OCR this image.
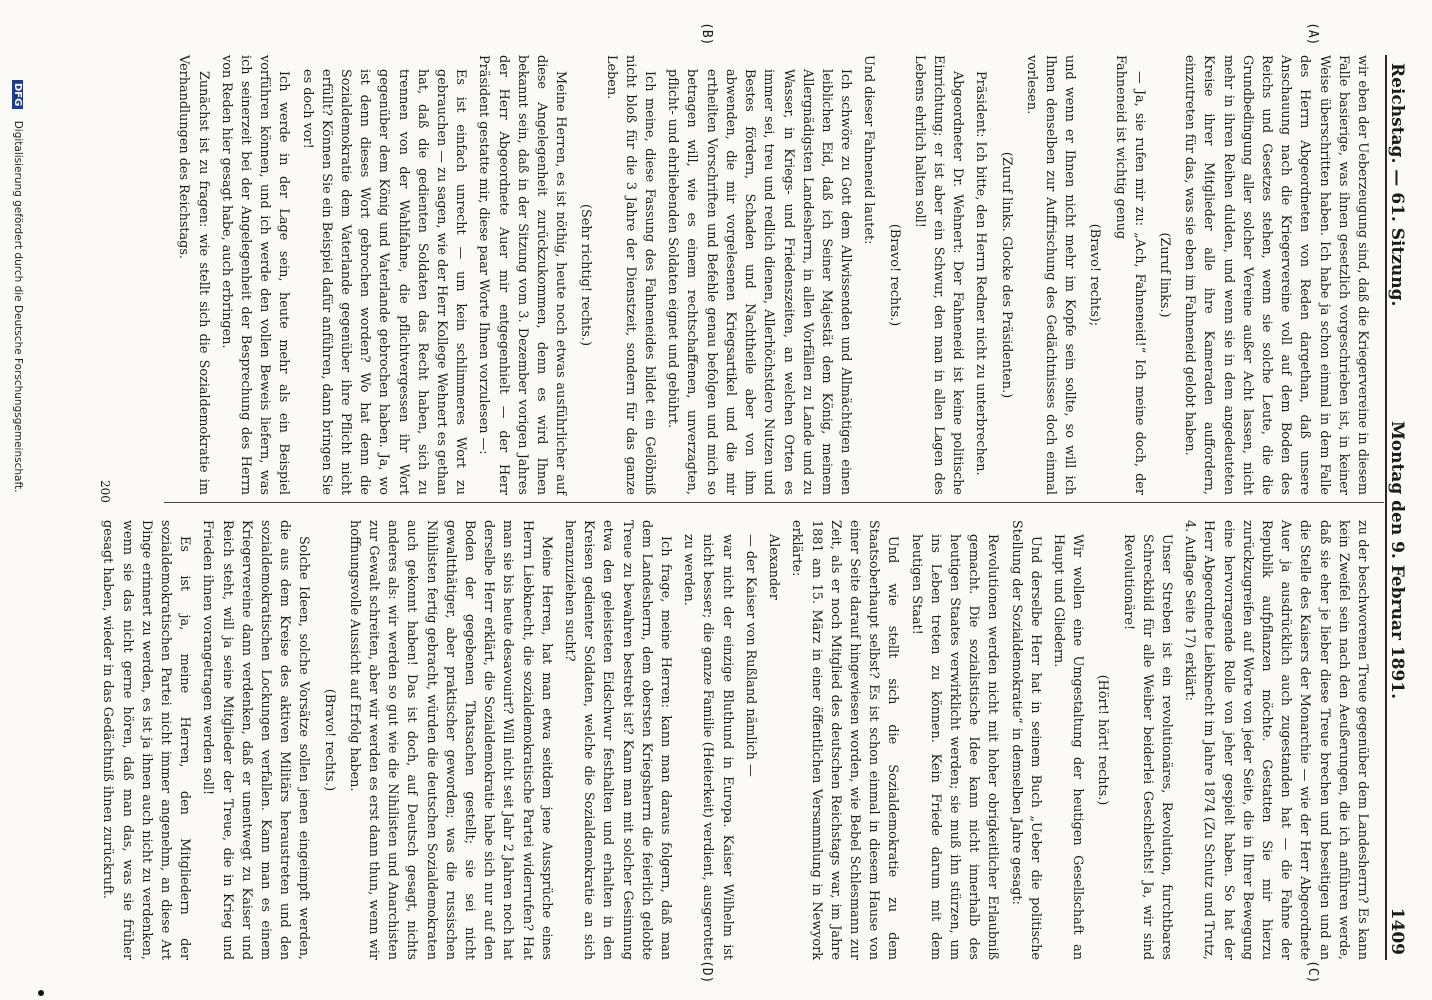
Reichstag. — 61. Sitzung.
Montag den 9. Februar 1891.
1409
(A)
(B)
(C)
(D)

wir eben der Ueberzeugung sind, daß die Kriegervereine in diesem Falle basierige, was ihnen gesetzlich vorgeschrieben ist, in keiner Weise überschritten haben. Ich habe ja schon einmal in dem Falle des Herrn Abgeordneten von Reden dargethan, daß unsere Anschauung nach die Kriegervereine voll auf dem Boden des Reichs und Gesetzes stehen, wenn sie solche Leute, die die Grundbedingung aller solcher Vereine außer Acht lassen, nicht mehr in ihren Reihen dulden, und wenn sie in dem angedeuteten Kreise ihrer Mitglieder alle ihre Kameraden auffordern, einzutreten für das, was sie eben im Fahneneid gelobt haben.

(Zuruf links.)

— Ja, sie rufen mir zu: „Ach, Fahneneid!“ Ich meine doch, der Fahneneid ist wichtig genug

(Bravo! rechts);

und wenn er Ihnen nicht mehr im Kopfe sein sollte, so will ich Ihnen denselben zur Auffrischung des Gedächtnisses doch einmal vorlesen.

(Zuruf links. Glocke des Präsidenten.)

Präsident: Ich bitte, den Herrn Redner nicht zu unterbrechen.

Abgeordneter Dr. Wehnert: Der Fahneneid ist keine politische Einrichtung; er ist aber ein Schwur, den man in allen Lagen des Lebens ehrlich halten soll!

(Bravo! rechts.)

Und dieser Fahneneid lautet:

Ich schwöre zu Gott dem Allwissenden und Allmächtigen einen leiblichen Eid, daß ich Seiner Majestät dem König, meinem Allergnädigsten Landesherrn, in allen Vorfällen zu Lande und zu Wasser, in Kriegs- und Friedenszeiten, an welchen Orten es immer sei, treu und redlich dienen, Allerhöchstdero Nutzen und Bestes fördern, Schaden und Nachtheile aber von ihm abwenden, die mir vorgelesenen Kriegsartikel und die mir ertheilten Vorschriften und Befehle genau befolgen und mich so betragen will, wie es einem rechtschaffenen, unverzagten, pflicht- und ehrliebenden Soldaten eignet und gebührt.

Ich meine, diese Fassung des Fahneneides bildet ein Gelöbniß nicht bloß für die 3 Jahre der Dienstzeit, sondern für das ganze Leben.

(Sehr richtig! rechts.)

Meine Herren, es ist nöthig, heute noch etwas ausführlicher auf diese Angelegenheit zurückzukommen, denn es wird Ihnen bekannt sein, daß in der Sitzung vom 3. Dezember vorigen Jahres der Herr Abgeordnete Auer mir entgegenhielt — der Herr Präsident gestatte mir, diese paar Worte Ihnen vorzulesen —:

Es ist einfach unrecht — um kein schlimmeres Wort zu gebrauchen — zu sagen, wie der Herr Kollege Wehnert es gethan hat, daß die gedienten Soldaten das Recht haben, sich zu trennen von der Wahlfahne, die pflichtvergessen ihr Wort gegenüber dem König und Vaterlande gebrochen haben. Ja, wo ist denn dieses Wort gebrochen worden? Wo hat denn die Sozialdemokratie dem Vaterlande gegenüber ihre Pflicht nicht erfüllt? Können Sie ein Beispiel dafür anführen, dann bringen Sie es doch vor!

Ich werde in der Lage sein, heute mehr als ein Beispiel vorführen können, und ich werde den vollen Beweis liefern, was ich seinerzeit bei der Angelegenheit der Besprechung des Herrn von Reden hier gesagt habe, auch erbringen.

Zunächst ist zu fragen: wie stellt sich die Sozialdemokratie im Verhandlungen des Reichstags.

zu der beschworenen Treue gegenüber dem Landesherrn? Es kann kein Zweifel sein nach den Aeußerungen, die ich anführen werde, daß sie eher je lieber diese Treue brechen und beseitigen und an die Stelle des Kaisers der Monarchie — wie der Herr Abgeordnete Auer ja ausdrücklich auch zugestanden hat — die Fahne der Republik aufpflanzen möchte. Gestatten Sie mir hierzu zurückzugreifen auf Worte von jeder Seite, die in Ihrer Bewegung eine hervorragende Rolle von jeher gespielt haben. So hat der Herr Abgeordnete Liebknecht im Jahre 1874 (Zu Schutz und Trutz, 4. Auflage Seite 17) erklärt:

Unser Streben ist ein revolutionäres, Revolution, furchtbares Schreckbild für alle Weiber beiderlei Geschlechts! Ja, wir sind Revolutionäre!

(Hört! hört! rechts.)

Wir wollen eine Umgestaltung der heutigen Gesellschaft an Haupt und Gliedern.

Und derselbe Herr hat in seinem Buch „Ueber die politische Stellung der Sozialdemokratie“ in demselben Jahre gesagt:

Revolutionen werden nicht mit hoher obrigkeitlicher Erlaubniß gemacht. Die sozialistische Idee kann nicht innerhalb des heutigen Staates verwirklicht werden; sie muß ihn stürzen, um ins Leben treten zu können. Kein Friede darum mit dem heutigen Staat!

Und wie stellt sich die Sozialdemokratie zu dem Staatsoberhaupt selbst? Es ist schon einmal in diesem Hause von einer Seite darauf hingewiesen worden, wie Bebel Schlesmann zur Zeit, als er noch Mitglied des deutschen Reichstags war, im Jahre 1881 am 15. März in einer öffentlichen Versammlung in Newyork erklärte:

Alexander

— der Kaiser von Rußland nämlich —

war nicht der einzige Bluthund in Europa. Kaiser Wilhelm ist nicht besser; die ganze Familie (Heiterkeit) verdient, ausgerottet zu werden.

Ich frage, meine Herren: kann man daraus folgern, daß man dem Landesherrn, dem obersten Kriegsherrn die feierlich gelobte Treue zu bewahren bestrebt ist? Kann man mit solcher Gesinnung etwa den geleisteten Eidschwur festhalten und erhalten in den Kreisen gedienter Soldaten, welche die Sozialdemokratie an sich heranzuziehen sucht?

Meine Herren, hat man etwa seitdem jene Aussprüche eines Herrn Liebknecht, die sozialdemokratische Partei widerrufen? Hat man sie bis heute desavouirt? Will nicht seit Jahr 2 Jahren noch hat derselbe Herr erklärt, die Sozialdemokratie habe sich nur auf den Boden der gegebenen Thatsachen gestellt; sie sei nicht gewaltthätiger, aber praktischer geworden; was die russischen Nihilisten fertig gebracht, würden die deutschen Sozialdemokraten auch gekonnt haben! Das ist doch, auf Deutsch gesagt, nichts anderes als: wir werden so gut wie die Nihilisten und Anarchisten zur Gewalt schreiten, aber wir werden es erst dann thun, wenn wir hoffnungsvolle Aussicht auf Erfolg haben.

(Bravo! rechts.)

Solche Ideen, solche Vorsätze sollen jenen eingeimpft werden, die aus dem Kreise des aktiven Militärs heraustreten und den sozialdemokratischen Lockungen verfallen. Kann man es einem Kriegervereine dann verdenken, daß er unentwegt zu Kaiser und Reich steht, will ja seine Mitglieder der Treue, die in Krieg und Frieden ihnen vorangetragen werden soll!

Es ist ja, meine Herren, den Mitgliedern der sozialdemokratischen Partei nicht immer angenehm, an diese Art Dinge erinnert zu werden, es ist ja ihnen auch nicht zu verdenken, wenn sie das nicht gerne hören, daß man das, was sie früher gesagt haben, wieder in das Gedächtniß ihnen zurückruft.

200
DFG Digitalisierung gefördert durch die Deutsche Forschungsgemeinschaft.
